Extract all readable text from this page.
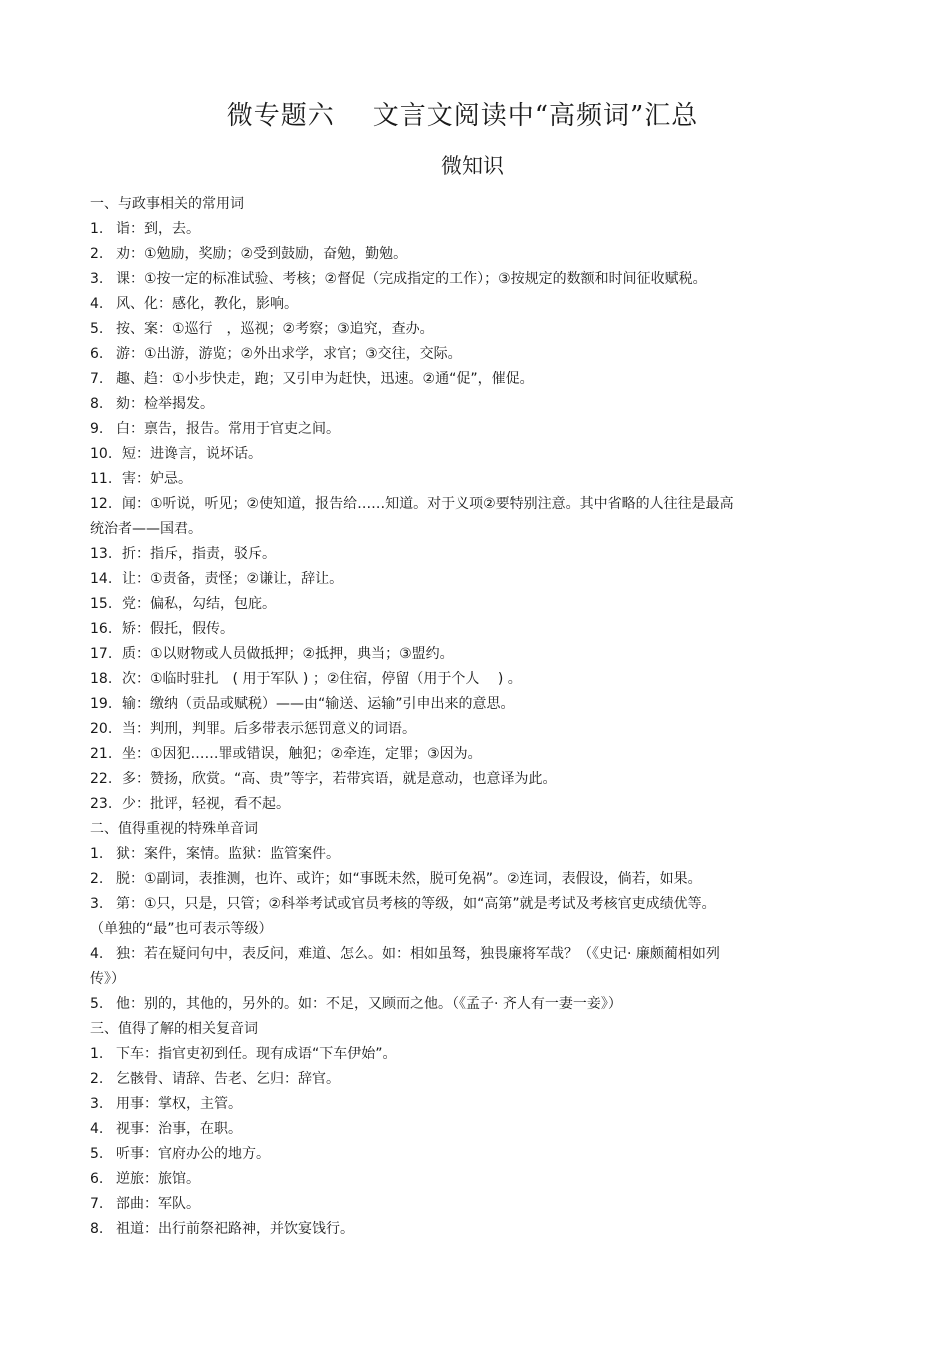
微专题六 文言文阅读中“高频词”汇总
微知识
一、与政事相关的常用词
1. 诣：到，去。
2. 劝：①勉励，奖励；②受到鼓励，奋勉，勤勉。
3. 课：①按一定的标准试验、考核；②督促（完成指定的工作）；③按规定的数额和时间征收赋税。
4. 风、化：感化，教化，影响。
5. 按、案：①巡行　，巡视；②考察；③追究，查办。
6. 游：①出游，游览；②外出求学，求官；③交往，交际。
7. 趣、趋：①小步快走，跑；又引申为赶快，迅速。②通“促”，催促。
8. 劾：检举揭发。
9. 白：禀告，报告。常用于官吏之间。
10. 短：进谗言，说坏话。
11. 害：妒忌。
12. 闻：①听说，听见；②使知道，报告给……知道。对于义项②要特别注意。其中省略的人往往是最高
统治者——国君。
13. 折：指斥，指责，驳斥。
14. 让：①责备，责怪；②谦让，辞让。
15. 党：偏私，勾结，包庇。
16. 矫：假托，假传。
17. 质：①以财物或人员做抵押；②抵押，典当；③盟约。
18. 次：①临时驻扎　( 用于军队 ) ；②住宿，停留（用于个人　 ) 。
19. 输：缴纳（贡品或赋税）——由“输送、运输”引申出来的意思。
20. 当：判刑，判罪。后多带表示惩罚意义的词语。
21. 坐：①因犯……罪或错误，触犯；②牵连，定罪；③因为。
22. 多：赞扬，欣赏。“高、贵”等字，若带宾语，就是意动，也意译为此。
23. 少：批评，轻视，看不起。
二、值得重视的特殊单音词
1. 狱：案件，案情。监狱：监管案件。
2. 脱：①副词，表推测，也许、或许；如“事既未然，脱可免祸”。②连词，表假设，倘若，如果。
3. 第：①只，只是，只管；②科举考试或官员考核的等级，如“高第”就是考试及考核官吏成绩优等。
（单独的“最”也可表示等级）
4. 独：若在疑问句中，表反问，难道、怎么。如：相如虽驽，独畏廉将军哉？（《史记· 廉颇蔺相如列
传》）
5. 他：别的，其他的，另外的。如：不足，又顾而之他。（《孟子· 齐人有一妻一妾》）
三、值得了解的相关复音词
1. 下车：指官吏初到任。现有成语“下车伊始”。
2. 乞骸骨、请辞、告老、乞归：辞官。
3. 用事：掌权，主管。
4. 视事：治事，在职。
5. 听事：官府办公的地方。
6. 逆旅：旅馆。
7. 部曲：军队。
8. 祖道：出行前祭祀路神，并饮宴饯行。
